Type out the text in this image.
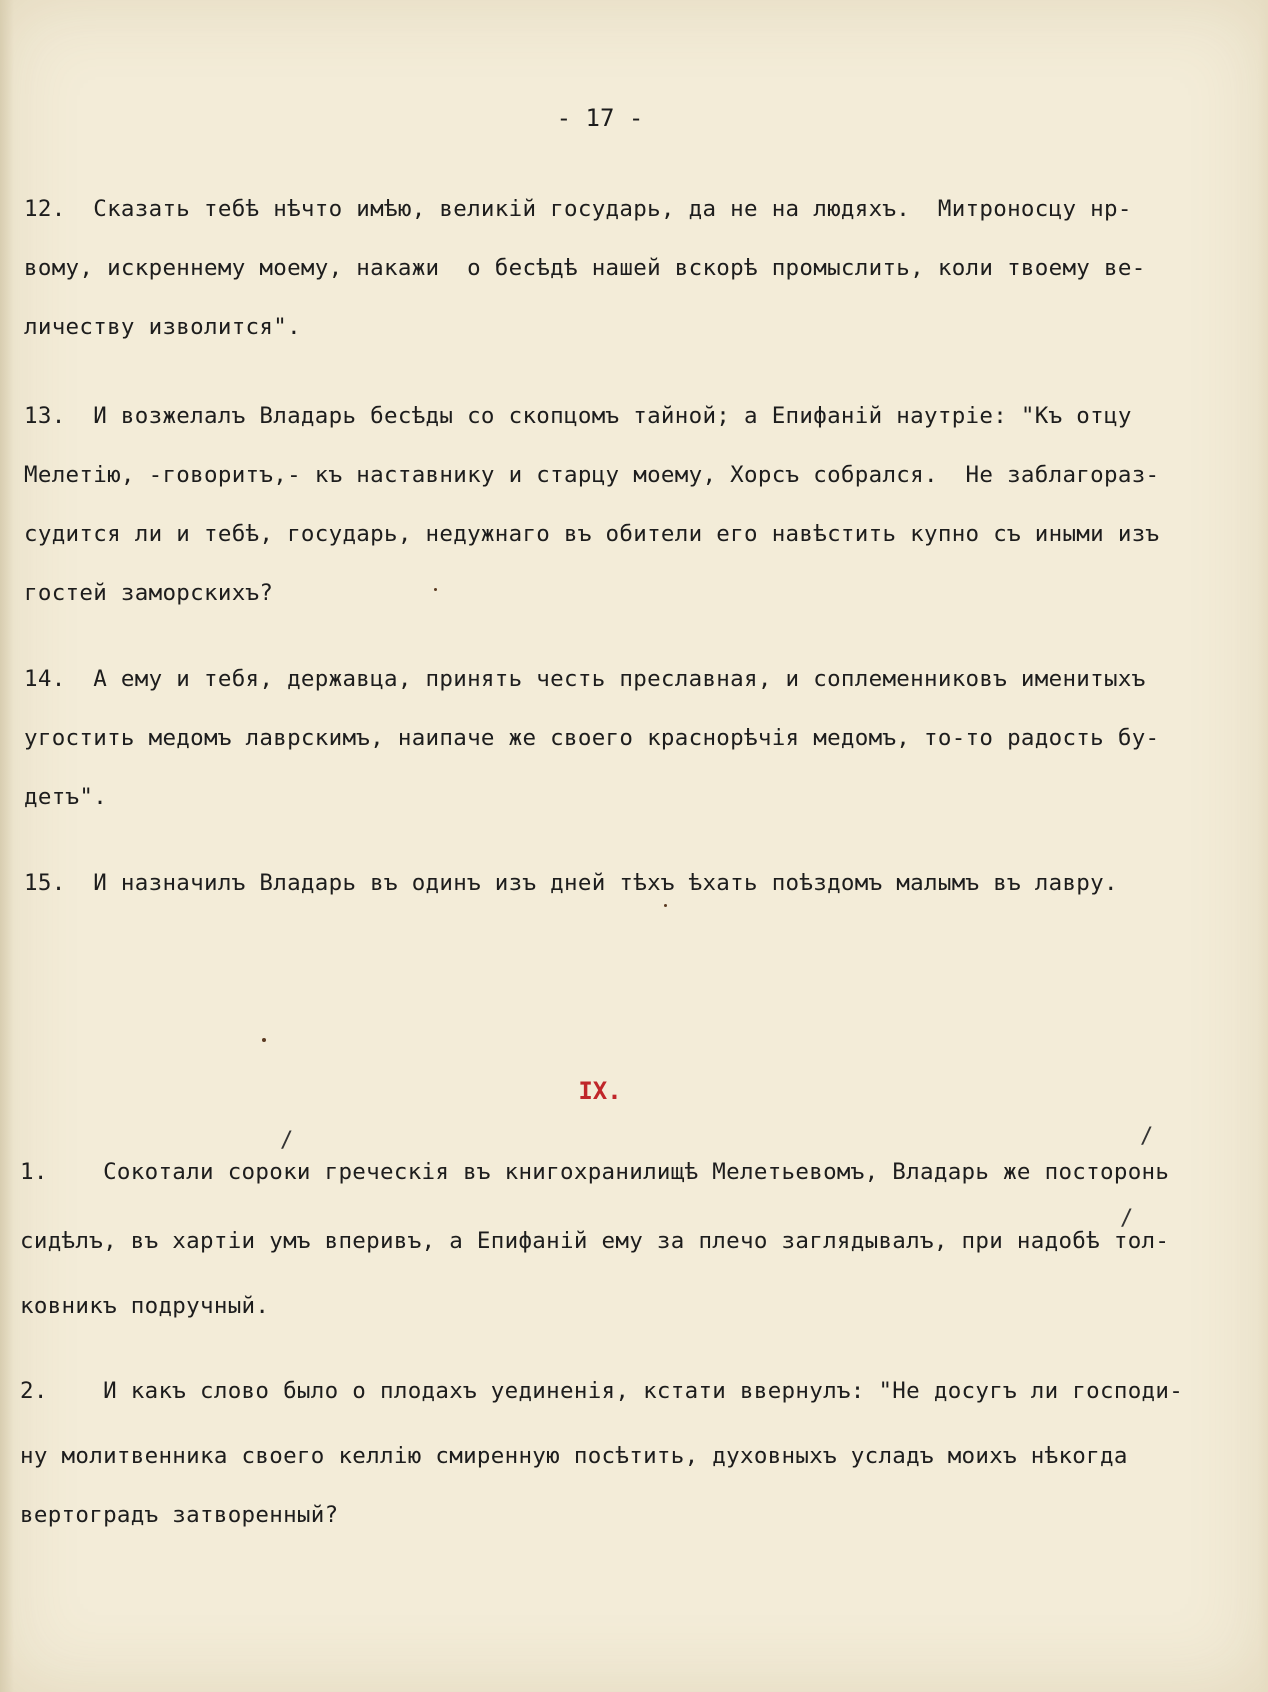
- 17 -
12.  Сказать тебѣ нѣчто имѣю, великiй государь, да не на людяхъ.  Митроносцу нр-
вому, искреннему моему, накажи  о бесѣдѣ нашей вскорѣ промыслить, коли твоему ве-
личеству изволится".
13.  И возжелалъ Владарь бесѣды со скопцомъ тайной; а Епифанiй наутрiе: "Къ отцу
Мелетiю, -говоритъ,- къ наставнику и старцу моему, Хорсъ собрался.  Не заблагораз-
судится ли и тебѣ, государь, недужнаго въ обители его навѣстить купно съ иными изъ
гостей заморскихъ?
14.  А ему и тебя, державца, принять честь преславная, и соплеменниковъ именитыхъ
угостить медомъ лаврскимъ, наипаче же своего краснорѣчiя медомъ, то-то радость бу-
детъ".
15.  И назначилъ Владарь въ одинъ изъ дней тѣхъ ѣхать поѣздомъ малымъ въ лавру.
IX.
1.    Сокотали сороки греческiя въ книгохранилищѣ Мелетьевомъ, Владарь же посторонь
сидѣлъ, въ хартiи умъ вперивъ, а Епифанiй ему за плечо заглядывалъ, при надобѣ тол-
ковникъ подручный.
2.    И какъ слово было о плодахъ уединенiя, кстати ввернулъ: "Не досугъ ли господи-
ну молитвенника своего келлiю смиренную посѣтить, духовныхъ усладъ моихъ нѣкогда
вертоградъ затворенный?
/	/
/
